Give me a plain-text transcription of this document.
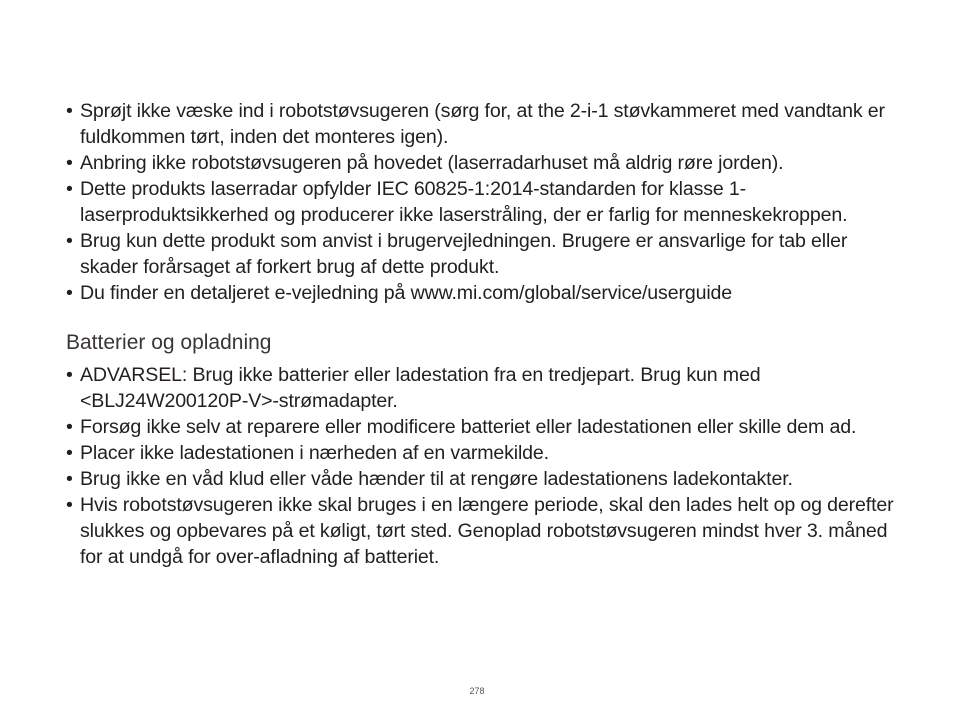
• Sprøjt ikke væske ind i robotstøvsugeren (sørg for, at the 2-i-1 støvkammeret med vandtank er fuldkommen tørt, inden det monteres igen).
• Anbring ikke robotstøvsugeren på hovedet (laserradarhuset må aldrig røre jorden).
• Dette produkts laserradar opfylder IEC 60825-1:2014-standarden for klasse 1-laserproduktsikkerhed og producerer ikke laserstråling, der er farlig for menneskekroppen.
• Brug kun dette produkt som anvist i brugervejledningen. Brugere er ansvarlige for tab eller skader forårsaget af forkert brug af dette produkt.
• Du finder en detaljeret e-vejledning på www.mi.com/global/service/userguide
Batterier og opladning
• ADVARSEL: Brug ikke batterier eller ladestation fra en tredjepart. Brug kun med <BLJ24W200120P-V>-strømadapter.
• Forsøg ikke selv at reparere eller modificere batteriet eller ladestationen eller skille dem ad.
• Placer ikke ladestationen i nærheden af en varmekilde.
• Brug ikke en våd klud eller våde hænder til at rengøre ladestationens ladekontakter.
• Hvis robotstøvsugeren ikke skal bruges i en længere periode, skal den lades helt op og derefter slukkes og opbevares på et køligt, tørt sted. Genoplad robotstøvsugeren mindst hver 3. måned for at undgå for over-afladning af batteriet.
278
